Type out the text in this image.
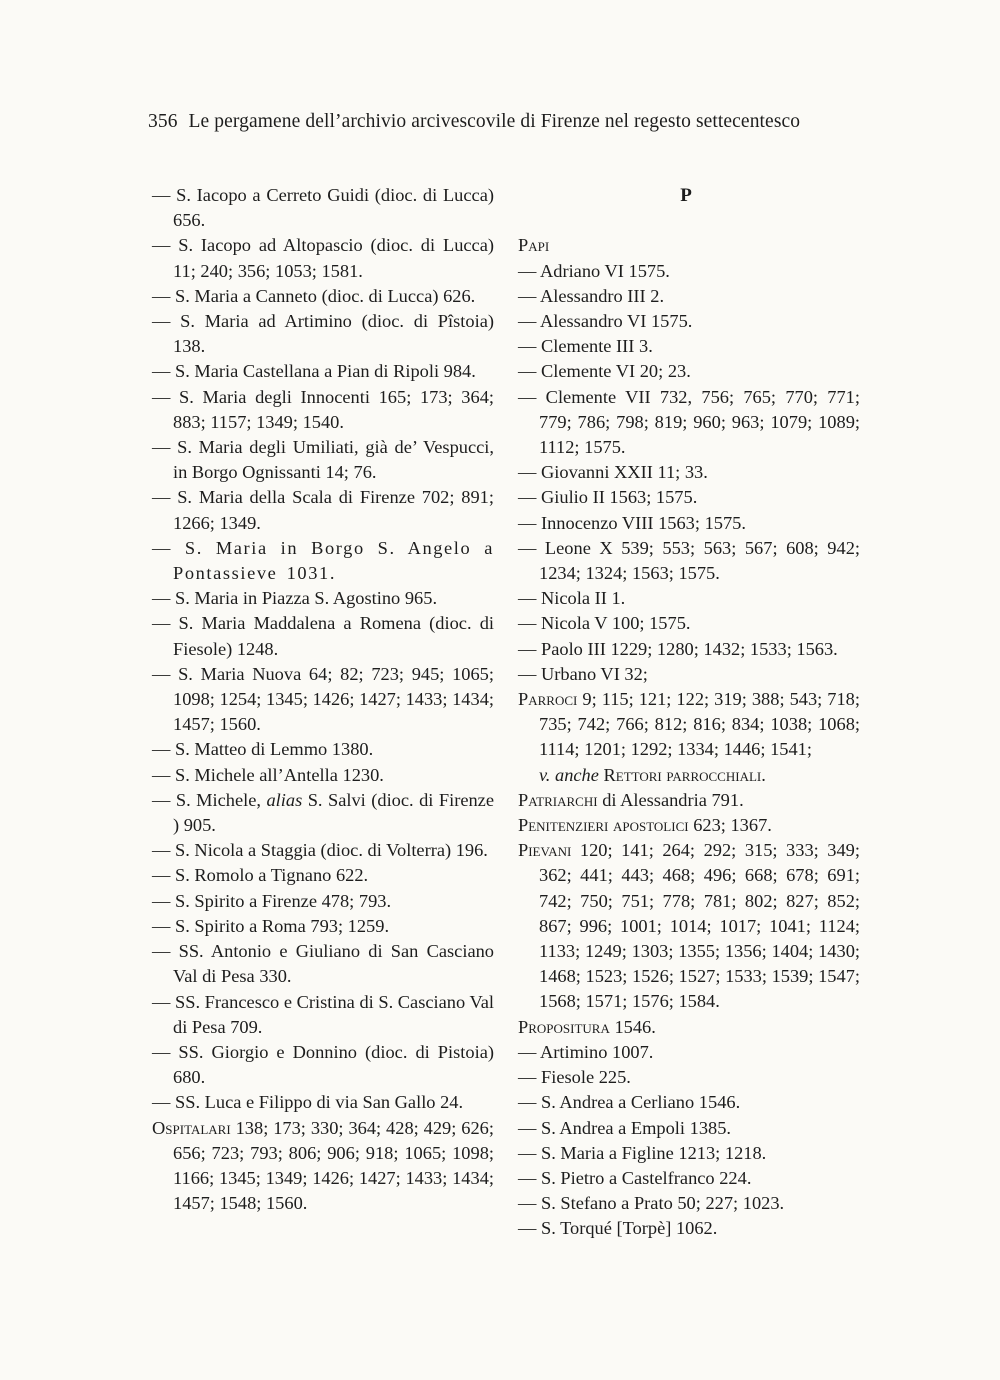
356 Le pergamene dell’archivio arcivescovile di Firenze nel regesto settecentesco
— S. Iacopo a Cerreto Guidi (dioc. di Lucca) 656.
— S. Iacopo ad Altopascio (dioc. di Lucca) 11; 240; 356; 1053; 1581.
— S. Maria a Canneto (dioc. di Lucca) 626.
— S. Maria ad Artimino (dioc. di Pîstoia) 138.
— S. Maria Castellana a Pian di Ripoli 984.
— S. Maria degli Innocenti 165; 173; 364; 883; 1157; 1349; 1540.
— S. Maria degli Umiliati, già de’ Vespucci, in Borgo Ognissanti 14; 76.
— S. Maria della Scala di Firenze 702; 891; 1266; 1349.
— S. Maria in Borgo S. Angelo a Pontassieve 1031.
— S. Maria in Piazza S. Agostino 965.
— S. Maria Maddalena a Romena (dioc. di Fiesole) 1248.
— S. Maria Nuova 64; 82; 723; 945; 1065; 1098; 1254; 1345; 1426; 1427; 1433; 1434; 1457; 1560.
— S. Matteo di Lemmo 1380.
— S. Michele all’Antella 1230.
— S. Michele, alias S. Salvi (dioc. di Firenze ) 905.
— S. Nicola a Staggia (dioc. di Volterra) 196.
— S. Romolo a Tignano 622.
— S. Spirito a Firenze 478; 793.
— S. Spirito a Roma 793; 1259.
— SS. Antonio e Giuliano di San Casciano Val di Pesa 330.
— SS. Francesco e Cristina di S. Casciano Val di Pesa 709.
— SS. Giorgio e Donnino (dioc. di Pistoia) 680.
— SS. Luca e Filippo di via San Gallo 24.
Ospitalari 138; 173; 330; 364; 428; 429; 626; 656; 723; 793; 806; 906; 918; 1065; 1098; 1166; 1345; 1349; 1426; 1427; 1433; 1434; 1457; 1548; 1560.
P
Papi
— Adriano VI 1575.
— Alessandro III 2.
— Alessandro VI 1575.
— Clemente III 3.
— Clemente VI 20; 23.
— Clemente VII 732, 756; 765; 770; 771; 779; 786; 798; 819; 960; 963; 1079; 1089; 1112; 1575.
— Giovanni XXII 11; 33.
— Giulio II 1563; 1575.
— Innocenzo VIII 1563; 1575.
— Leone X 539; 553; 563; 567; 608; 942; 1234; 1324; 1563; 1575.
— Nicola II 1.
— Nicola V 100; 1575.
— Paolo III 1229; 1280; 1432; 1533; 1563.
— Urbano VI 32;
Parroci 9; 115; 121; 122; 319; 388; 543; 718; 735; 742; 766; 812; 816; 834; 1038; 1068; 1114; 1201; 1292; 1334; 1446; 1541;
v. anche Rettori parrocchiali.
Patriarchi di Alessandria 791.
Penitenzieri apostolici 623; 1367.
Pievani 120; 141; 264; 292; 315; 333; 349; 362; 441; 443; 468; 496; 668; 678; 691; 742; 750; 751; 778; 781; 802; 827; 852; 867; 996; 1001; 1014; 1017; 1041; 1124; 1133; 1249; 1303; 1355; 1356; 1404; 1430; 1468; 1523; 1526; 1527; 1533; 1539; 1547; 1568; 1571; 1576; 1584.
Propositura 1546.
— Artimino 1007.
— Fiesole 225.
— S. Andrea a Cerliano 1546.
— S. Andrea a Empoli 1385.
— S. Maria a Figline 1213; 1218.
— S. Pietro a Castelfranco 224.
— S. Stefano a Prato 50; 227; 1023.
— S. Torqué [Torpè] 1062.
